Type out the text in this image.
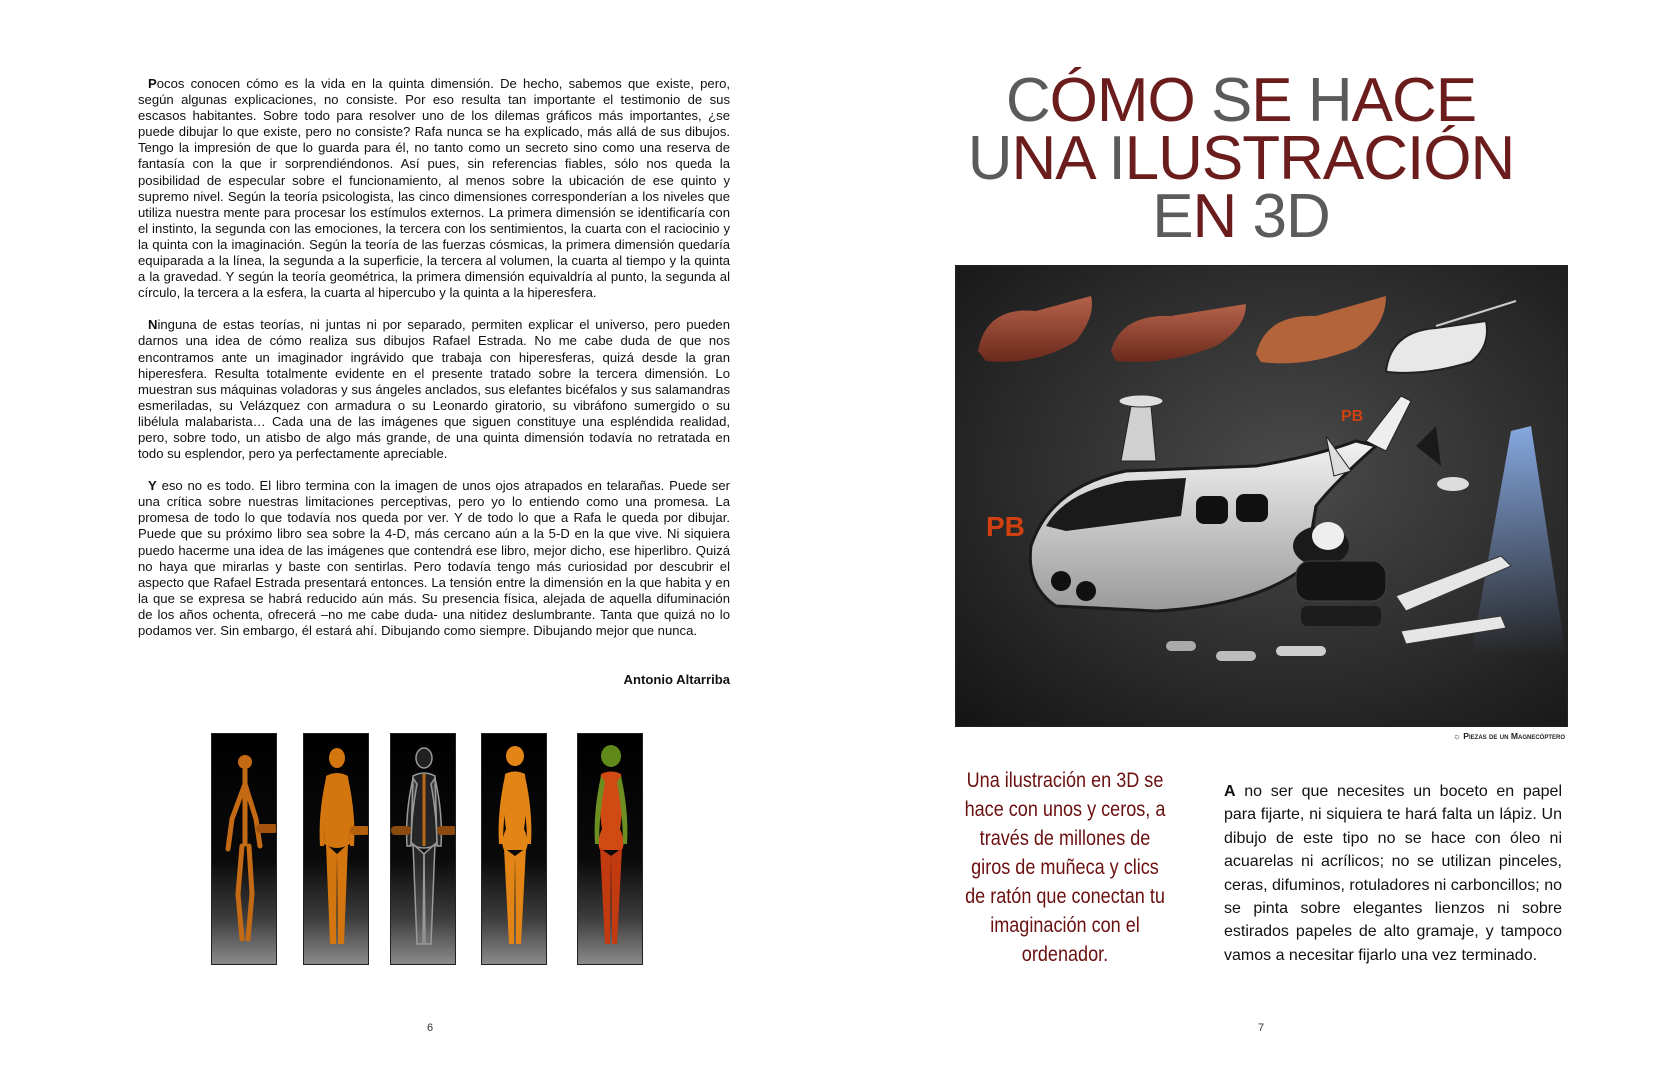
Pocos conocen cómo es la vida en la quinta dimensión. De hecho, sabemos que existe, pero, según algunas explicaciones, no consiste. Por eso resulta tan importante el testimonio de sus escasos habitantes. Sobre todo para resolver uno de los dilemas gráficos más importantes, ¿se puede dibujar lo que existe, pero no consiste? Rafa nunca se ha explicado, más allá de sus dibujos. Tengo la impresión de que lo guarda para él, no tanto como un secreto sino como una reserva de fantasía con la que ir sorprendiéndonos. Así pues, sin referencias fiables, sólo nos queda la posibilidad de especular sobre el funcionamiento, al menos sobre la ubicación de ese quinto y supremo nivel. Según la teoría psicologista, las cinco dimensiones corresponderían a los niveles que utiliza nuestra mente para procesar los estímulos externos. La primera dimensión se identificaría con el instinto, la segunda con las emociones, la tercera con los sentimientos, la cuarta con el raciocinio y la quinta con la imaginación. Según la teoría de las fuerzas cósmicas, la primera dimensión quedaría equiparada a la línea, la segunda a la superficie, la tercera al volumen, la cuarta al tiempo y la quinta a la gravedad. Y según la teoría geométrica, la primera dimensión equivaldría al punto, la segunda al círculo, la tercera a la esfera, la cuarta al hipercubo y la quinta a la hiperesfera.

Ninguna de estas teorías, ni juntas ni por separado, permiten explicar el universo, pero pueden darnos una idea de cómo realiza sus dibujos Rafael Estrada. No me cabe duda de que nos encontramos ante un imaginador ingrávido que trabaja con hiperesferas, quizá desde la gran hiperesfera. Resulta totalmente evidente en el presente tratado sobre la tercera dimensión. Lo muestran sus máquinas voladoras y sus ángeles anclados, sus elefantes bicéfalos y sus salamandras esmeriladas, su Velázquez con armadura o su Leonardo giratorio, su vibráfono sumergido o su libélula malabarista… Cada una de las imágenes que siguen constituye una espléndida realidad, pero, sobre todo, un atisbo de algo más grande, de una quinta dimensión todavía no retratada en todo su esplendor, pero ya perfectamente apreciable.

Y eso no es todo. El libro termina con la imagen de unos ojos atrapados en telarañas. Puede ser una crítica sobre nuestras limitaciones perceptivas, pero yo lo entiendo como una promesa. La promesa de todo lo que todavía nos queda por ver. Y de todo lo que a Rafa le queda por dibujar. Puede que su próximo libro sea sobre la 4-D, más cercano aún a la 5-D en la que vive. Ni siquiera puedo hacerme una idea de las imágenes que contendrá ese libro, mejor dicho, ese hiperlibro. Quizá no haya que mirarlas y baste con sentirlas. Pero todavía tengo más curiosidad por descubrir el aspecto que Rafael Estrada presentará entonces. La tensión entre la dimensión en la que habita y en la que se expresa se habrá reducido aún más. Su presencia física, alejada de aquella difuminación de los años ochenta, ofrecerá –no me cabe duda- una nitidez deslumbrante. Tanta que quizá no lo podamos ver. Sin embargo, él estará ahí. Dibujando como siempre. Dibujando mejor que nunca.

Antonio Altarriba
6
CÓMO SE HACE
UNA ILUSTRACIÓN
EN 3D
PB
PB
☼ Piezas de un Magnecóptero
Una ilustración en 3D se hace con unos y ceros, a través de millones de giros de muñeca y clics de ratón que conectan tu imaginación con el ordenador.
A no ser que necesites un boceto en papel para fijarte, ni siquiera te hará falta un lápiz. Un dibujo de este tipo no se hace con óleo ni acuarelas ni acrílicos; no se utilizan pinceles, ceras, difuminos, rotuladores ni carboncillos; no se pinta sobre elegantes lienzos ni sobre estirados papeles de alto gramaje, y tampoco vamos a necesitar fijarlo una vez terminado.
7
